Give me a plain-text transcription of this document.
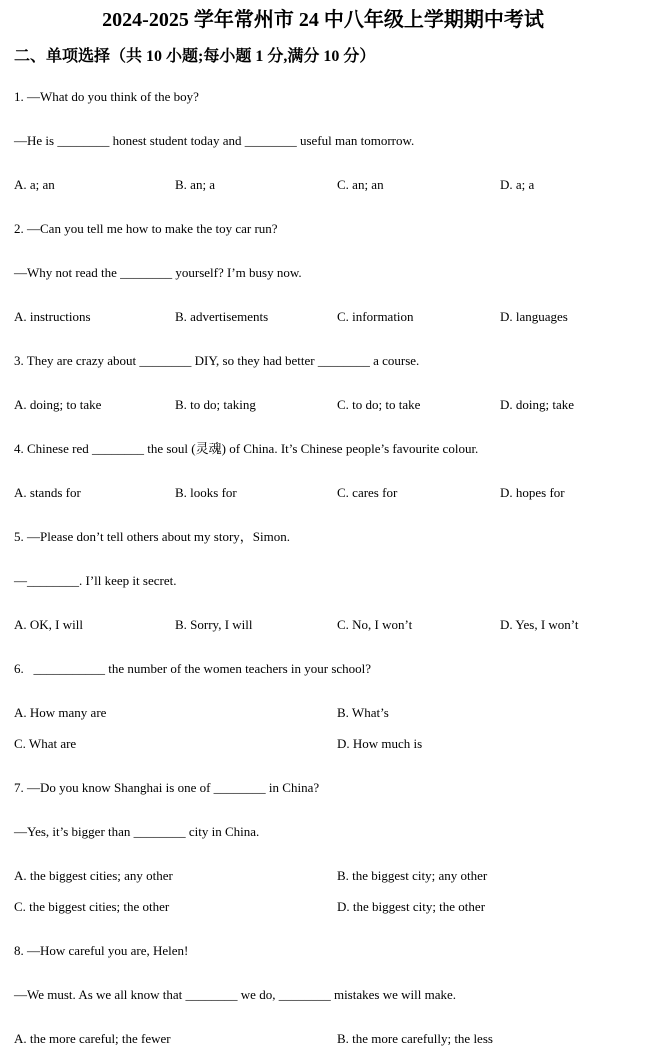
2024-2025 学年常州市 24 中八年级上学期期中考试
二、单项选择（共 10 小题;每小题 1 分,满分 10 分）

1. —What do you think of the boy?

—He is ________ honest student today and ________ useful man tomorrow.

A. a; an	B. an; a	C. an; an	D. a; a

2. —Can you tell me how to make the toy car run?

—Why not read the ________ yourself? I’m busy now.

A. instructions	B. advertisements	C. information	D. languages

3. They are crazy about ________ DIY, so they had better ________ a course.

A. doing; to take	B. to do; taking	C. to do; to take	D. doing; take

4. Chinese red ________ the soul (灵魂) of China. It’s Chinese people’s favourite colour.

A. stands for	B. looks for	C. cares for	D. hopes for

5. —Please don’t tell others about my story，Simon.

—________. I’ll keep it secret.

A. OK, I will	B. Sorry, I will	C. No, I won’t	D. Yes, I won’t

6.   ___________ the number of the women teachers in your school?

A. How many are	B. What’s
C. What are	D. How much is

7. —Do you know Shanghai is one of ________ in China?

—Yes, it’s bigger than ________ city in China.

A. the biggest cities; any other	B. the biggest city; any other
C. the biggest cities; the other	D. the biggest city; the other

8. —How careful you are, Helen!

—We must. As we all know that ________ we do, ________ mistakes we will make.

A. the more careful; the fewer	B. the more carefully; the less
